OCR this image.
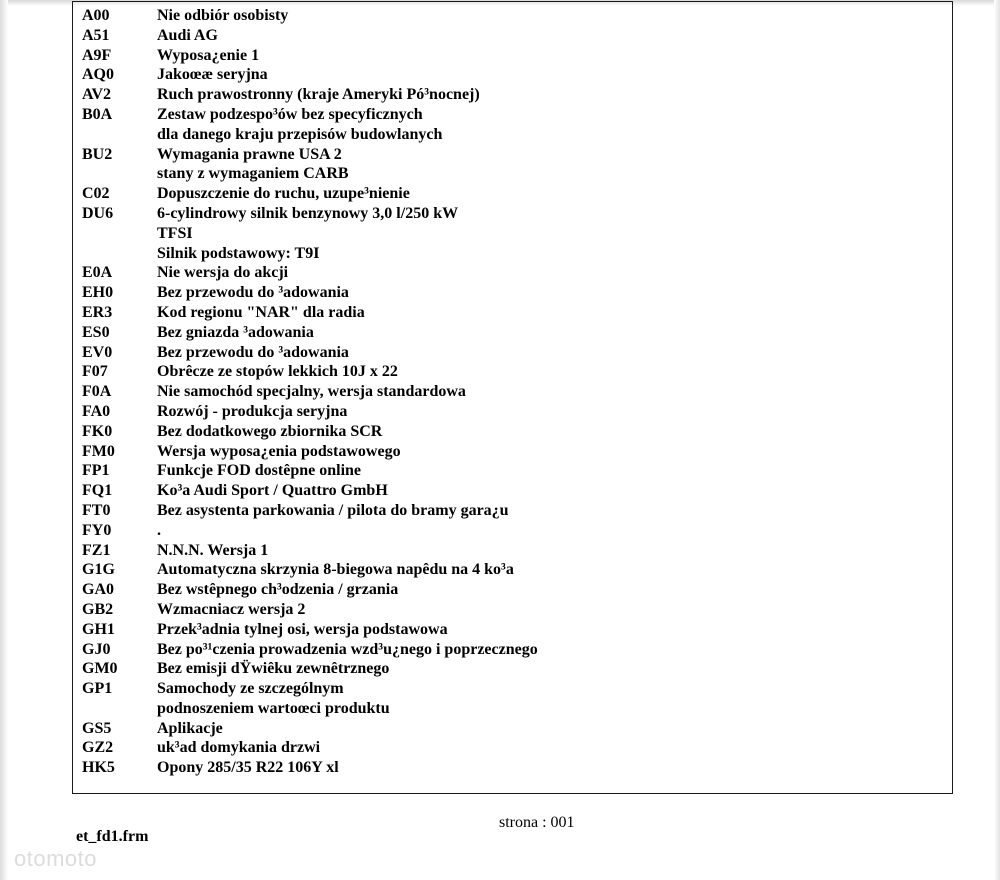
A00	Nie odbiór osobisty
A51	Audi AG
A9F	Wyposa¿enie 1
AQ0	Jakoœæ seryjna
AV2	Ruch prawostronny (kraje Ameryki Pó³nocnej)
B0A	Zestaw podzespo³ów bez specyficznych
dla danego kraju przepisów budowlanych
BU2	Wymagania prawne USA 2
stany z wymaganiem CARB
C02	Dopuszczenie do ruchu, uzupe³nienie
DU6	6-cylindrowy silnik benzynowy 3,0 l/250 kW
TFSI
Silnik podstawowy: T9I
E0A	Nie wersja do akcji
EH0	Bez przewodu do ³adowania
ER3	Kod regionu "NAR" dla radia
ES0	Bez gniazda ³adowania
EV0	Bez przewodu do ³adowania
F07	Obrêcze ze stopów lekkich 10J x 22
F0A	Nie samochód specjalny, wersja standardowa
FA0	Rozwój - produkcja seryjna
FK0	Bez dodatkowego zbiornika SCR
FM0	Wersja wyposa¿enia podstawowego
FP1	Funkcje FOD dostêpne online
FQ1	Ko³a Audi Sport / Quattro GmbH
FT0	Bez asystenta parkowania / pilota do bramy gara¿u
FY0	.
FZ1	N.N.N. Wersja 1
G1G	Automatyczna skrzynia 8-biegowa napêdu na 4 ko³a
GA0	Bez wstêpnego ch³odzenia / grzania
GB2	Wzmacniacz wersja 2
GH1	Przek³adnia tylnej osi, wersja podstawowa
GJ0	Bez po³¹czenia prowadzenia wzd³u¿nego i poprzecznego
GM0 Bez emisji dŸwiêku zewnêtrznego
GP1	Samochody ze szczególnym
podnoszeniem wartoœci produktu
GS5	Aplikacje
GZ2	uk³ad domykania drzwi
HK5	Opony 285/35 R22 106Y xl
strona : 001
et_fd1.frm
otomoto
